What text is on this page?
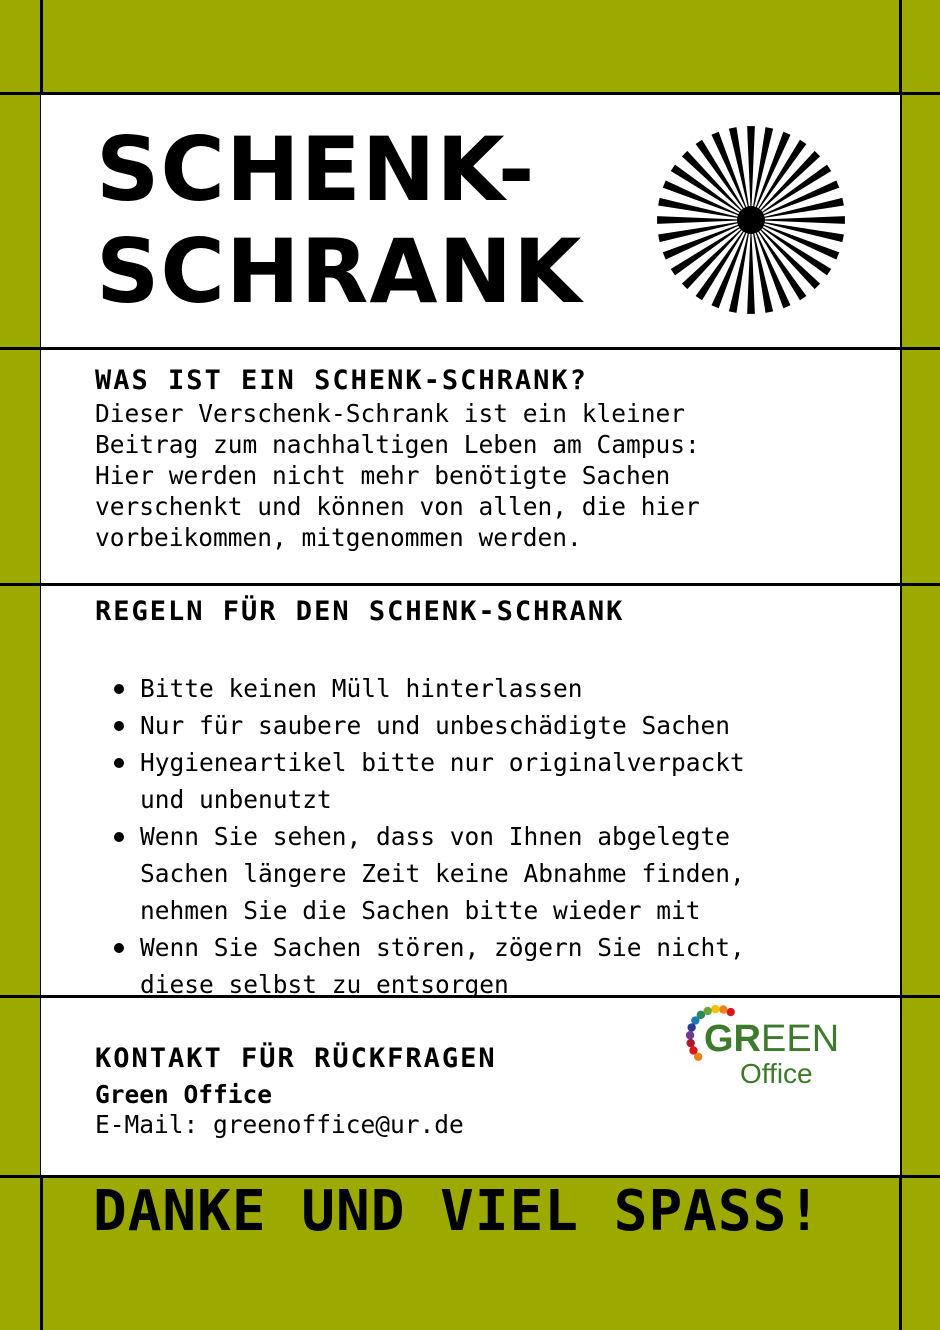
SCHENK-
SCHRANK
WAS IST EIN SCHENK-SCHRANK?
Dieser Verschenk-Schrank ist ein kleiner
Beitrag zum nachhaltigen Leben am Campus:
Hier werden nicht mehr benötigte Sachen
verschenkt und können von allen, die hier
vorbeikommen, mitgenommen werden.
REGELN FÜR DEN SCHENK-SCHRANK
Bitte keinen Müll hinterlassen
Nur für saubere und unbeschädigte Sachen
Hygieneartikel bitte nur originalverpackt
und unbenutzt
Wenn Sie sehen, dass von Ihnen abgelegte
Sachen längere Zeit keine Abnahme finden,
nehmen Sie die Sachen bitte wieder mit
Wenn Sie Sachen stören, zögern Sie nicht,
diese selbst zu entsorgen
KONTAKT FÜR RÜCKFRAGEN
Green Office
E-Mail: greenoffice@ur.de
GREEN
Office
DANKE UND VIEL SPASS!
